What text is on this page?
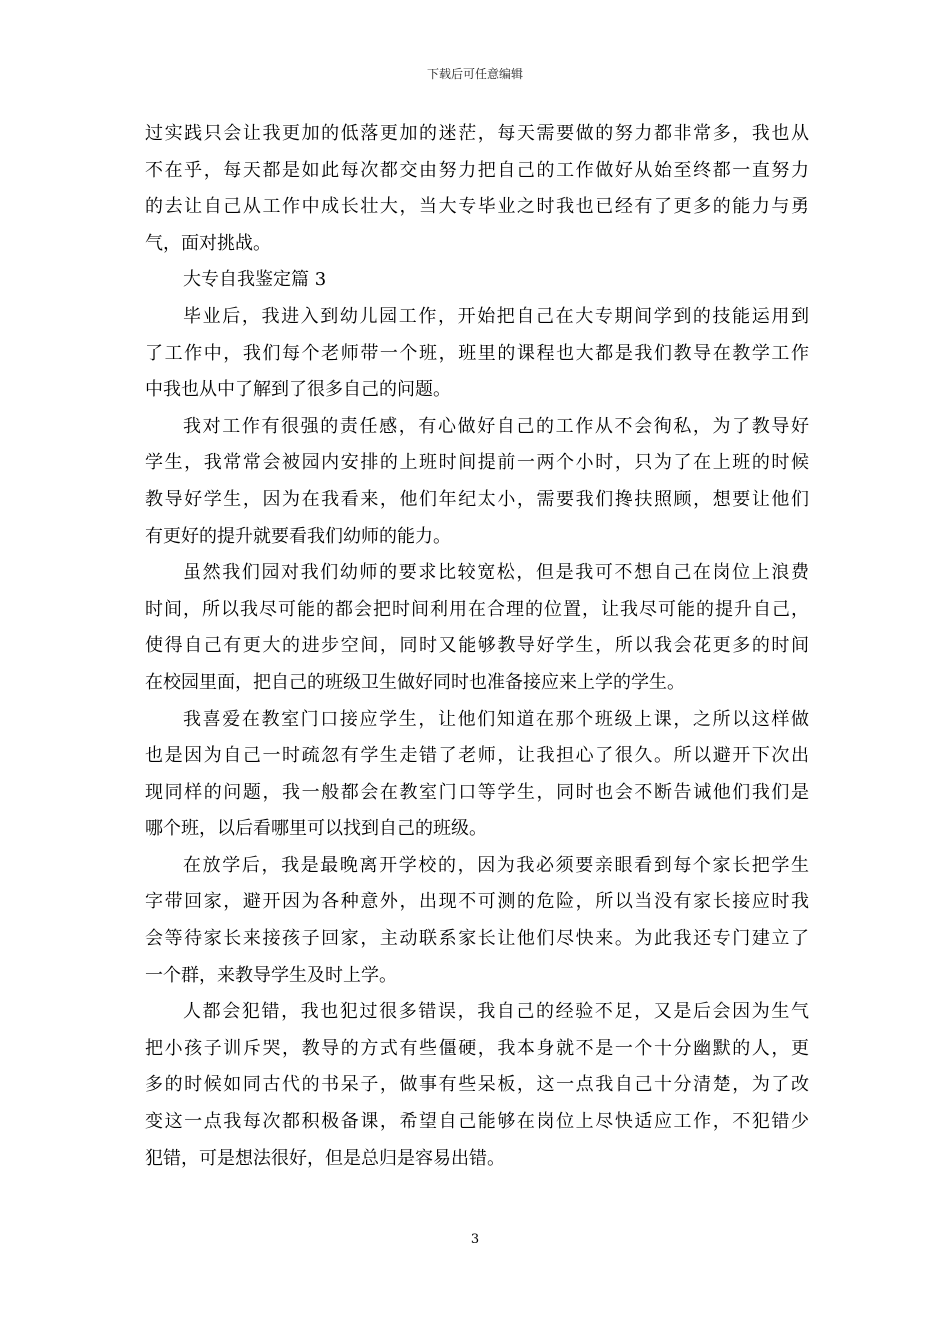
下载后可任意编辑
过实践只会让我更加的低落更加的迷茫，每天需要做的努力都非常多，我也从
不在乎，每天都是如此每次都交由努力把自己的工作做好从始至终都一直努力
的去让自己从工作中成长壮大，当大专毕业之时我也已经有了更多的能力与勇
气，面对挑战。
大专自我鉴定篇 3
毕业后，我进入到幼儿园工作，开始把自己在大专期间学到的技能运用到
了工作中，我们每个老师带一个班，班里的课程也大都是我们教导在教学工作
中我也从中了解到了很多自己的问题。
我对工作有很强的责任感，有心做好自己的工作从不会徇私，为了教导好
学生，我常常会被园内安排的上班时间提前一两个小时，只为了在上班的时候
教导好学生，因为在我看来，他们年纪太小，需要我们搀扶照顾，想要让他们
有更好的提升就要看我们幼师的能力。
虽然我们园对我们幼师的要求比较宽松，但是我可不想自己在岗位上浪费
时间，所以我尽可能的都会把时间利用在合理的位置，让我尽可能的提升自己，
使得自己有更大的进步空间，同时又能够教导好学生，所以我会花更多的时间
在校园里面，把自己的班级卫生做好同时也准备接应来上学的学生。
我喜爱在教室门口接应学生，让他们知道在那个班级上课，之所以这样做
也是因为自己一时疏忽有学生走错了老师，让我担心了很久。所以避开下次出
现同样的问题，我一般都会在教室门口等学生，同时也会不断告诫他们我们是
哪个班，以后看哪里可以找到自己的班级。
在放学后，我是最晚离开学校的，因为我必须要亲眼看到每个家长把学生
字带回家，避开因为各种意外，出现不可测的危险，所以当没有家长接应时我
会等待家长来接孩子回家，主动联系家长让他们尽快来。为此我还专门建立了
一个群，来教导学生及时上学。
人都会犯错，我也犯过很多错误，我自己的经验不足，又是后会因为生气
把小孩子训斥哭，教导的方式有些僵硬，我本身就不是一个十分幽默的人，更
多的时候如同古代的书呆子，做事有些呆板，这一点我自己十分清楚，为了改
变这一点我每次都积极备课，希望自己能够在岗位上尽快适应工作，不犯错少
犯错，可是想法很好，但是总归是容易出错。
3
